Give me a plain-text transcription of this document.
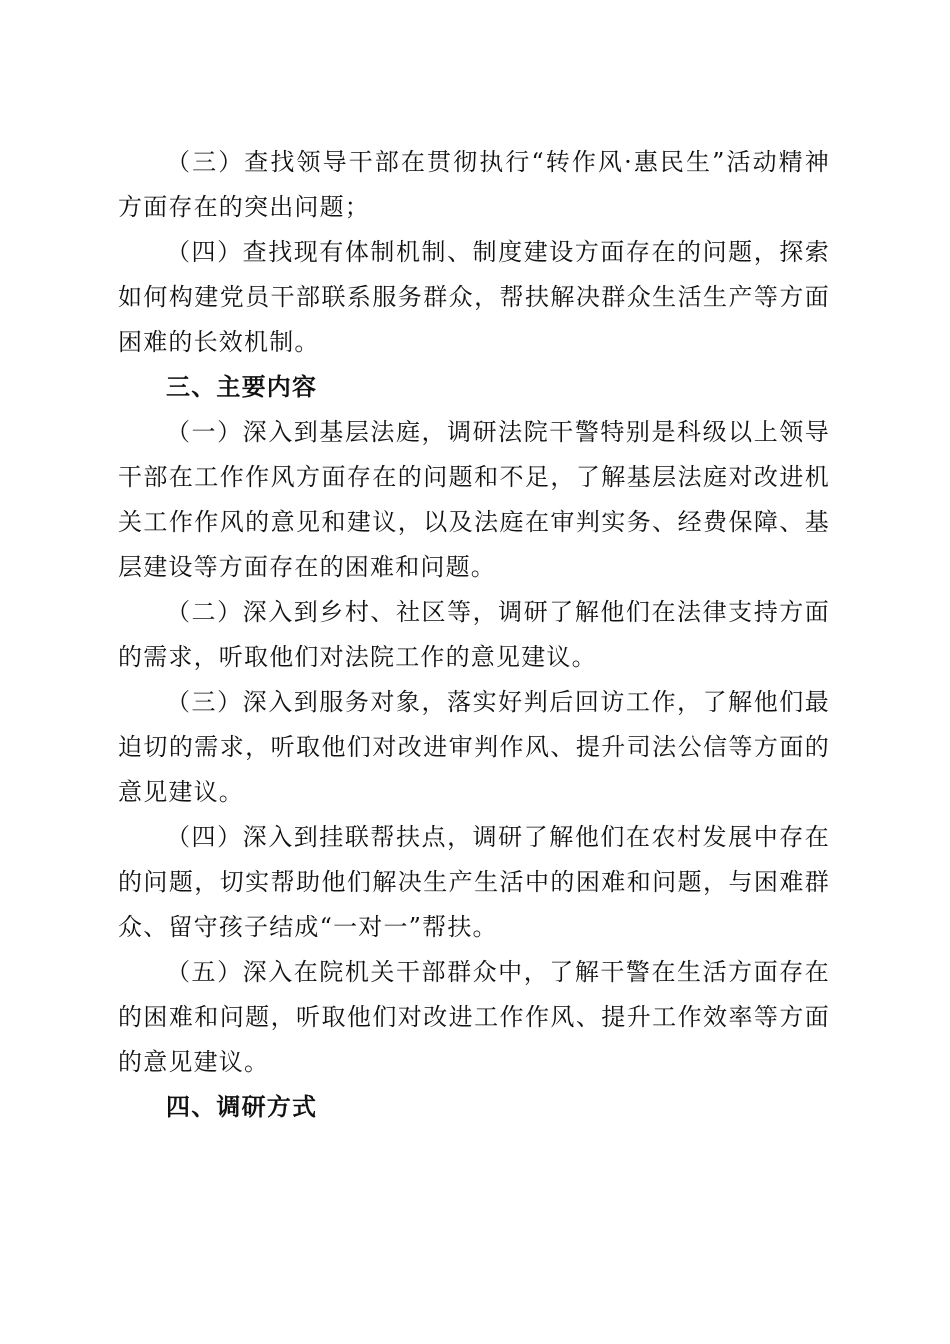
（三）查找领导干部在贯彻执行“转作风·惠民生”活动精神方面存在的突出问题；

（四）查找现有体制机制、制度建设方面存在的问题，探索如何构建党员干部联系服务群众，帮扶解决群众生活生产等方面困难的长效机制。

三、主要内容

（一）深入到基层法庭，调研法院干警特别是科级以上领导干部在工作作风方面存在的问题和不足，了解基层法庭对改进机关工作作风的意见和建议，以及法庭在审判实务、经费保障、基层建设等方面存在的困难和问题。

（二）深入到乡村、社区等，调研了解他们在法律支持方面的需求，听取他们对法院工作的意见建议。

（三）深入到服务对象，落实好判后回访工作，了解他们最迫切的需求，听取他们对改进审判作风、提升司法公信等方面的意见建议。

（四）深入到挂联帮扶点，调研了解他们在农村发展中存在的问题，切实帮助他们解决生产生活中的困难和问题，与困难群众、留守孩子结成“一对一”帮扶。

（五）深入在院机关干部群众中，了解干警在生活方面存在的困难和问题，听取他们对改进工作作风、提升工作效率等方面的意见建议。

四、调研方式
